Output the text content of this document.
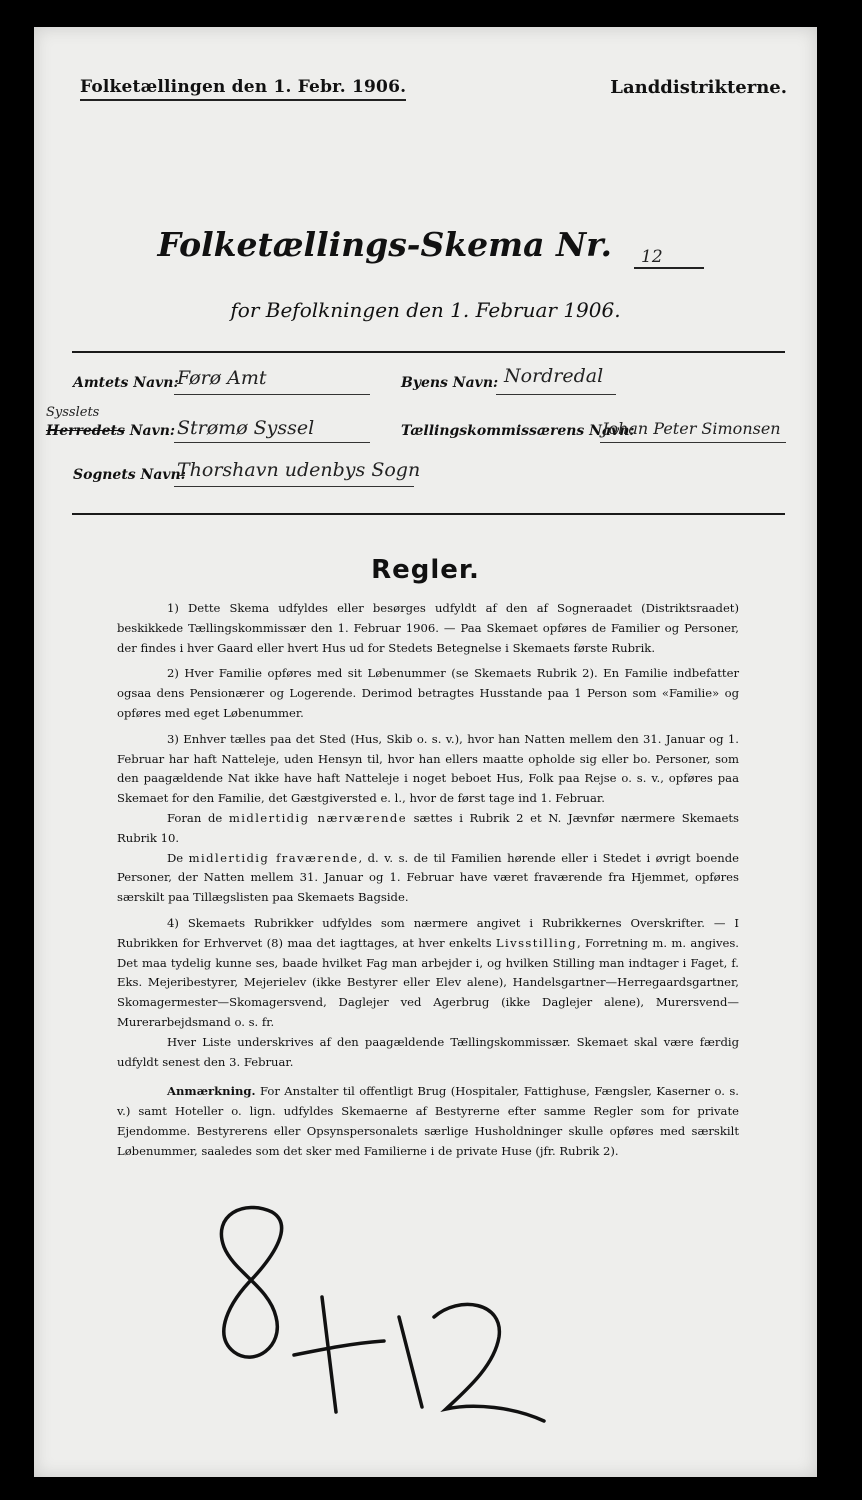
Folketællingen den 1. Febr. 1906.	Landdistrikterne.
Folketællings-Skema Nr.	12
for Befolkningen den 1. Februar 1906.
Amtets Navn:
Førø Amt	Byens Navn: Nordredal
Sysslets
Herredets Navn: Strømø Syssel	Tællingskommissærens Navn:
Johan Peter Simonsen
Sognets Navn:
Thorshavn udenbys Sogn
Regler.

1) Dette Skema udfyldes eller besørges udfyldt af den af Sogneraadet (Distriktsraadet) beskikkede Tællingskommissær den 1. Februar 1906. — Paa Skemaet opføres de Familier og Personer, der findes i hver Gaard eller hvert Hus ud for Stedets Betegnelse i Skemaets første Rubrik.

2) Hver Familie opføres med sit Løbenummer (se Skemaets Rubrik 2). En Familie indbefatter ogsaa dens Pensionærer og Logerende. Derimod betragtes Husstande paa 1 Person som «Familie» og opføres med eget Løbenummer.

3) Enhver tælles paa det Sted (Hus, Skib o. s. v.), hvor han Natten mellem den 31. Januar og 1. Februar har haft Natteleje, uden Hensyn til, hvor han ellers maatte opholde sig eller bo. Personer, som den paagældende Nat ikke have haft Natteleje i noget beboet Hus, Folk paa Rejse o. s. v., opføres paa Skemaet for den Familie, det Gæstgiversted e. l., hvor de først tage ind 1. Februar.

Foran de midlertidig nærværende sættes i Rubrik 2 et N. Jævnfør nærmere Skemaets Rubrik 10.

De midlertidig fraværende, d. v. s. de til Familien hørende eller i Stedet i øvrigt boende Personer, der Natten mellem 31. Januar og 1. Februar have været fraværende fra Hjemmet, opføres særskilt paa Tillægslisten paa Skemaets Bagside.

4) Skemaets Rubrikker udfyldes som nærmere angivet i Rubrikkernes Overskrifter. — I Rubrikken for Erhvervet (8) maa det iagttages, at hver enkelts Livsstilling, Forretning m. m. angives. Det maa tydelig kunne ses, baade hvilket Fag man arbejder i, og hvilken Stilling man indtager i Faget, f. Eks. Mejeribestyrer, Mejerielev (ikke Bestyrer eller Elev alene), Handelsgartner—Herregaardsgartner, Skomagermester—Skomagersvend, Daglejer ved Agerbrug (ikke Daglejer alene), Murersvend—Murerarbejdsmand o. s. fr.

Hver Liste underskrives af den paagældende Tællingskommissær. Skemaet skal være færdig udfyldt senest den 3. Februar.

Anmærkning. For Anstalter til offentligt Brug (Hospitaler, Fattighuse, Fængsler, Kaserner o. s. v.) samt Hoteller o. lign. udfyldes Skemaerne af Bestyrerne efter samme Regler som for private Ejendomme. Bestyrerens eller Opsynspersonalets særlige Husholdninger skulle opføres med særskilt Løbenummer, saaledes som det sker med Familierne i de private Huse (jfr. Rubrik 2).
